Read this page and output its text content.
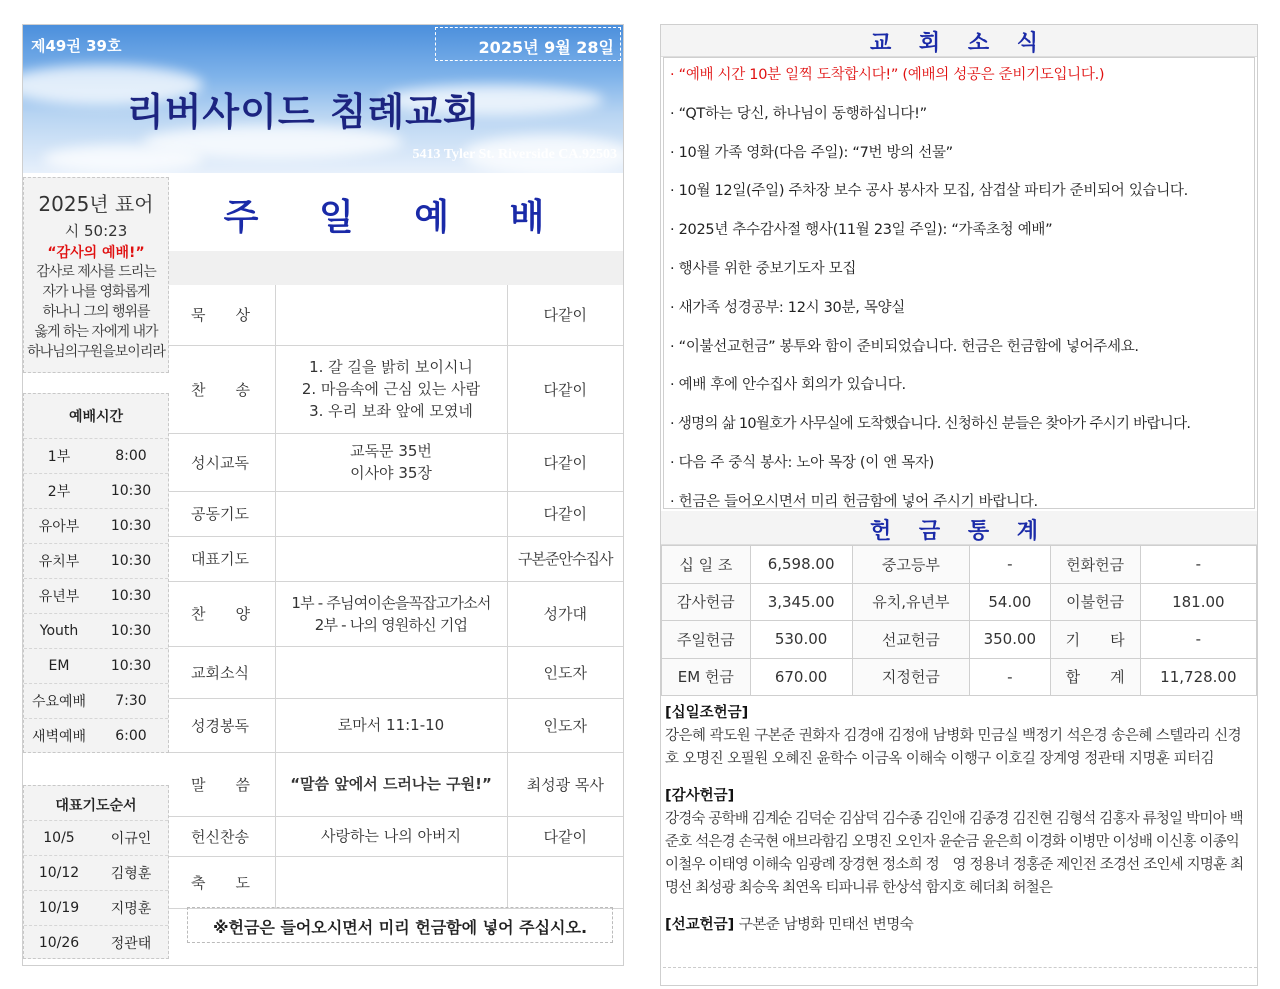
제49권 39호	2025년 9월 28일
리버사이드 침례교회
5413 Tyler St. Riverside CA.92503
2025년 표어
시 50:23
“감사의 예배!”
감사로 제사를 드리는
자가 나를 영화롭게
하나니 그의 행위를
옳게 하는 자에게 내가
하나님의구원을보이리라
예배시간
1부	8:00
2부	10:30
유아부	10:30
유치부	10:30
유년부	10:30
Youth	10:30
EM	10:30
수요예배	7:30
새벽예배	6:00
대표기도순서
10/5	이규인
10/12	김형훈
10/19	지명훈
10/26	정관태
주 일 예 배
묵　　상		다같이
찬　　송	1. 갈 길을 밝히 보이시니
2. 마음속에 근심 있는 사람
3. 우리 보좌 앞에 모였네	다같이
성시교독	교독문 35번
이사야 35장	다같이
공동기도		다같이
대표기도		구본준안수집사
찬　　양	1부 - 주님여이손을꼭잡고가소서
2부 - 나의 영원하신 기업	성가대
교회소식		인도자
성경봉독	로마서 11:1-10	인도자
말　　씀	“말씀 앞에서 드러나는 구원!”	최성광 목사
헌신찬송	사랑하는 나의 아버지	다같이
축　　도		
※헌금은 들어오시면서 미리 헌금함에 넣어 주십시오.
교 회 소 식
· “예배 시간 10분 일찍 도착합시다!” (예배의 성공은 준비기도입니다.)
· “QT하는 당신, 하나님이 동행하십니다!”
· 10월 가족 영화(다음 주일): “7번 방의 선물”
· 10월 12일(주일) 주차장 보수 공사 봉사자 모집, 삼겹살 파티가 준비되어 있습니다.
· 2025년 추수감사절 행사(11월 23일 주일): “가족초청 예배”
· 행사를 위한 중보기도자 모집
· 새가족 성경공부: 12시 30분, 목양실
· “이불선교헌금” 봉투와 함이 준비되었습니다. 헌금은 헌금함에 넣어주세요.
· 예배 후에 안수집사 회의가 있습니다.
· 생명의 삶 10월호가 사무실에 도착했습니다. 신청하신 분들은 찾아가 주시기 바랍니다.
· 다음 주 중식 봉사: 노아 목장 (이 앤 목자)
· 헌금은 들어오시면서 미리 헌금함에 넣어 주시기 바랍니다.
헌 금 통 계
십 일 조	6,598.00	중고등부	-	헌화헌금	-
감사헌금	3,345.00	유치,유년부	54.00	이불헌금	181.00
주일헌금	530.00	선교헌금	350.00	기　　타	-
EM 헌금	670.00	지정헌금	-	합　　계	11,728.00
[십일조헌금]
강은혜 곽도원 구본준 권화자 김경애 김정애 남병화 민금실 백정기 석은경 송은혜 스텔라리 신경호 오명진 오필원 오혜진 윤학수 이금옥 이해숙 이행구 이호길 장계영 정관태 지명훈 피터김
[감사헌금]
강경숙 공학배 김계순 김덕순 김삼덕 김수종 김인애 김종경 김진현 김형석 김홍자 류청일 박미아 백준호 석은경 손국현 애브라함김 오명진 오인자 윤순금 윤은희 이경화 이병만 이성배 이신홍 이종익 이철우 이태영 이해숙 임광례 장경현 정소희 정　영 정용녀 정홍준 제인전 조경선 조인세 지명훈 최명선 최성광 최승욱 최연옥 티파니류 한상석 함지호 헤더최 허철은
[선교헌금] 구본준 남병화 민태선 변명숙
